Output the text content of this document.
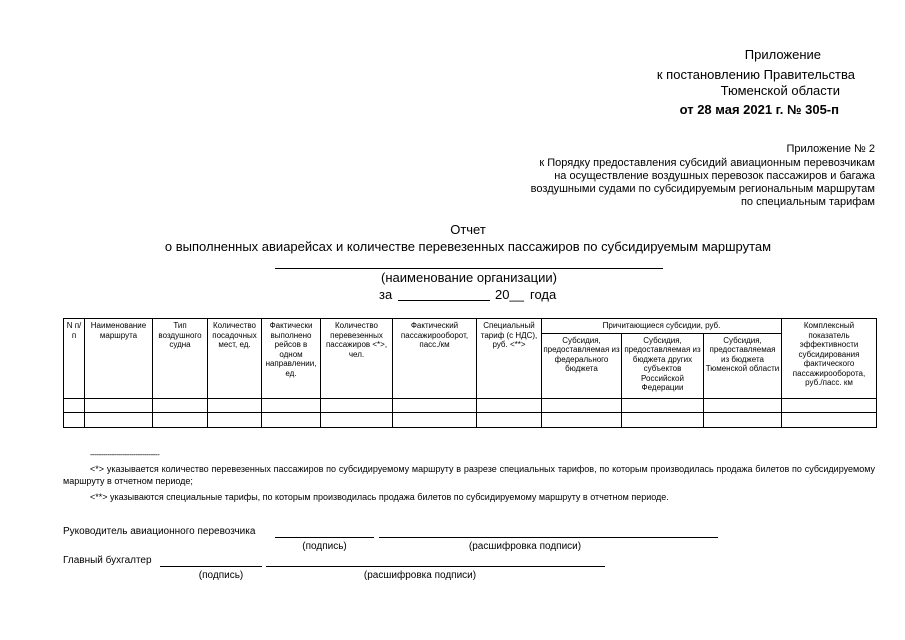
Приложение
к постановлению Правительства
Тюменской области
от 28 мая 2021 г. № 305-п
Приложение № 2
к Порядку предоставления субсидий авиационным перевозчикам
на осуществление воздушных перевозок пассажиров и багажа
воздушными судами по субсидируемым региональным маршрутам
по специальным тарифам
Отчет
о выполненных авиарейсах и количестве перевезенных пассажиров по субсидируемым маршрутам
(наименование организации)
за	20__ года
N п/п	Наименование маршрута	Тип воздушного судна	Количество посадочных мест, ед.	Фактически выполнено рейсов в одном направлении, ед.	Количество перевезенных пассажиров <*>, чел.	Фактический пассажирооборот, пасс./км	Специальный тариф (с НДС), руб. <**>	Причитающиеся субсидии, руб.			Комплексный показатель эффективности субсидирования фактического пассажирооборота, руб./пасс. км
								Субсидия, предоставляемая из федерального бюджета	Субсидия, предоставляемая из бюджета других субъектов Российской Федерации	Субсидия, предоставляемая из бюджета Тюменской области	

--------------------------------
<*> указывается количество перевезенных пассажиров по субсидируемому маршруту в разрезе специальных тарифов, по которым производилась продажа билетов по субсидируемому маршруту в отчетном периоде;
<**> указываются специальные тарифы, по которым производилась продажа билетов по субсидируемому маршруту в отчетном периоде.
Руководитель авиационного перевозчика
(подпись)	(расшифровка подписи)
Главный бухгалтер
(подпись)	(расшифровка подписи)
